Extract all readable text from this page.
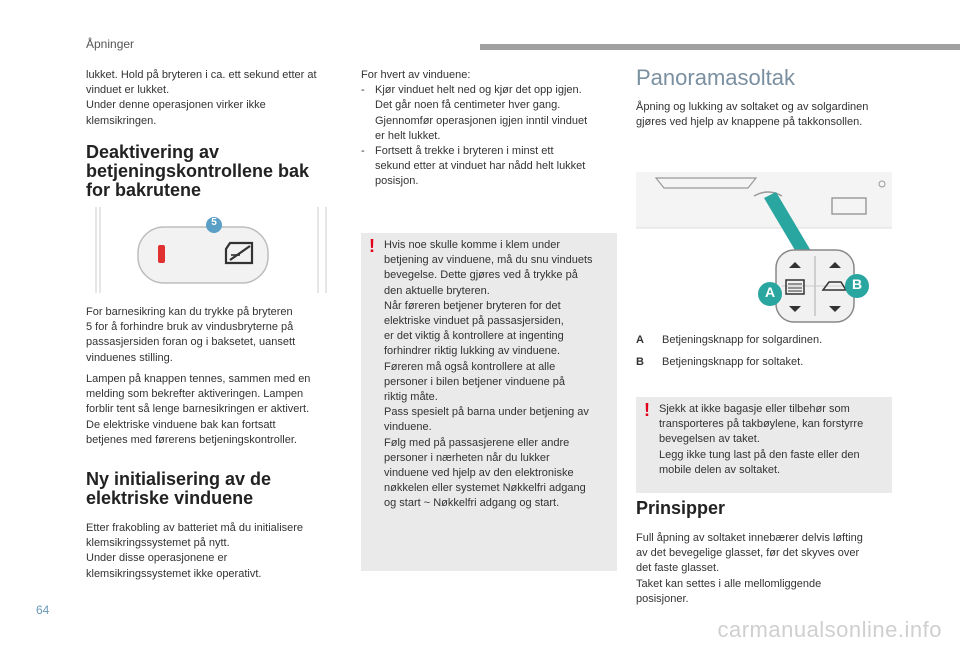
Åpninger

lukket. Hold på bryteren i ca. ett sekund etter at

vinduet er lukket.

Under denne operasjonen virker ikke

klemsikringen.

Deaktivering av
betjeningskontrollene bak
for bakrutene
5

For barnesikring kan du trykke på bryteren

5 for å forhindre bruk av vindusbryterne på

passasjersiden foran og i baksetet, uansett

vinduenes stilling.

Lampen på knappen tennes, sammen med en

melding som bekrefter aktiveringen. Lampen

forblir tent så lenge barnesikringen er aktivert.

De elektriske vinduene bak kan fortsatt

betjenes med førerens betjeningskontroller.

Ny initialisering av de
elektriske vinduene

Etter frakobling av batteriet må du initialisere

klemsikringssystemet på nytt.

Under disse operasjonene er

klemsikringssystemet ikke operativt.

For hvert av vinduene:

- Kjør vinduet helt ned og kjør det opp igjen.
Det går noen få centimeter hver gang.
Gjennomfør operasjonen igjen inntil vinduet
er helt lukket.
- Fortsett å trekke i bryteren i minst ett
sekund etter at vinduet har nådd helt lukket
posisjon.
! Hvis noe skulle komme i klem under

betjening av vinduene, må du snu vinduets

bevegelse. Dette gjøres ved å trykke på

den aktuelle bryteren.

Når føreren betjener bryteren for det

elektriske vinduet på passasjersiden,

er det viktig å kontrollere at ingenting

forhindrer riktig lukking av vinduene.

Føreren må også kontrollere at alle

personer i bilen betjener vinduene på

riktig måte.

Pass spesielt på barna under betjening av

vinduene.

Følg med på passasjerene eller andre

personer i nærheten når du lukker

vinduene ved hjelp av den elektroniske

nøkkelen eller systemet Nøkkelfri adgang

og start ~ Nøkkelfri adgang og start.

Panoramasoltak

Åpning og lukking av soltaket og av solgardinen

gjøres ved hjelp av knappene på takkonsollen.

A	B
A	Betjeningsknapp for solgardinen.
B	Betjeningsknapp for soltaket.
! Sjekk at ikke bagasje eller tilbehør som

transporteres på takbøylene, kan forstyrre

bevegelsen av taket.

Legg ikke tung last på den faste eller den

mobile delen av soltaket.

Prinsipper

Full åpning av soltaket innebærer delvis løfting

av det bevegelige glasset, før det skyves over

det faste glasset.

Taket kan settes i alle mellomliggende

posisjoner.

64
carmanualsonline.info
